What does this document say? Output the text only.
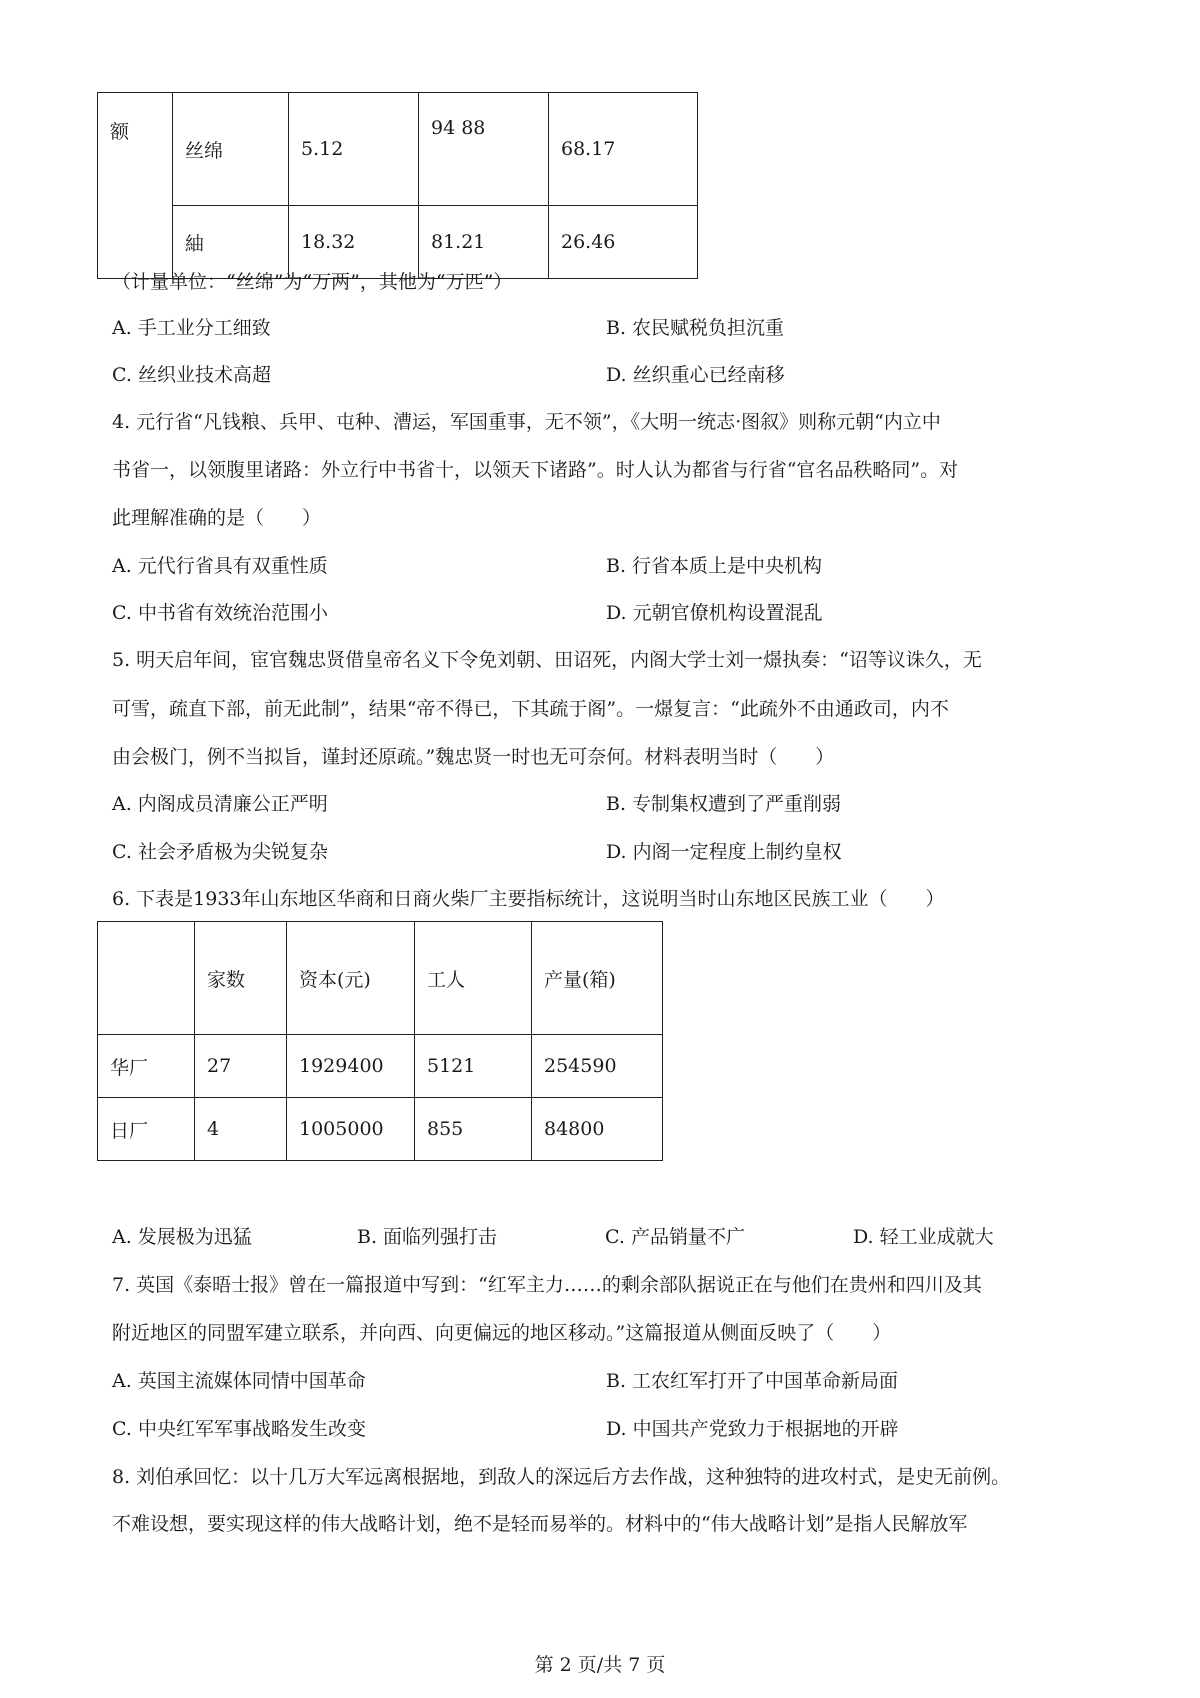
额	丝绵	5.12	94 88	68.17
	紬	18.32	81.21	26.46
（计量单位：“丝绵”为“万两”，其他为“万匹”）
A. 手工业分工细致	B. 农民赋税负担沉重
C. 丝织业技术高超	D. 丝织重心已经南移
4. 元行省“凡钱粮、兵甲、屯种、漕运，军国重事，无不领”，《大明一统志·图叙》则称元朝“内立中
书省一，以领腹里诸路：外立行中书省十，以领天下诸路”。时人认为都省与行省“官名品秩略同”。对
此理解准确的是（　　）
A. 元代行省具有双重性质	B. 行省本质上是中央机构
C. 中书省有效统治范围小	D. 元朝官僚机构设置混乱
5. 明天启年间，宦官魏忠贤借皇帝名义下令免刘朝、田诏死，内阁大学士刘一燝执奏：“诏等议诛久，无
可雪，疏直下部，前无此制”，结果“帝不得已，下其疏于阁”。一燝复言：“此疏外不由通政司，内不
由会极门，例不当拟旨，谨封还原疏。”魏忠贤一时也无可奈何。材料表明当时（　　）
A. 内阁成员清廉公正严明	B. 专制集权遭到了严重削弱
C. 社会矛盾极为尖锐复杂	D. 内阁一定程度上制约皇权
6. 下表是1933年山东地区华商和日商火柴厂主要指标统计，这说明当时山东地区民族工业（　　）
	家数	资本(元)	工人	产量(箱)
华厂	27	1929400	5121	254590
日厂	4	1005000	855	84800
A. 发展极为迅猛	B. 面临列强打击	C. 产品销量不广	D. 轻工业成就大
7. 英国《泰晤士报》曾在一篇报道中写到：“红军主力……的剩余部队据说正在与他们在贵州和四川及其
附近地区的同盟军建立联系，并向西、向更偏远的地区移动。”这篇报道从侧面反映了（　　）
A. 英国主流媒体同情中国革命	B. 工农红军打开了中国革命新局面
C. 中央红军军事战略发生改变	D. 中国共产党致力于根据地的开辟
8. 刘伯承回忆：以十几万大军远离根据地，到敌人的深远后方去作战，这种独特的进攻村式，是史无前例。
不难设想，要实现这样的伟大战略计划，绝不是轻而易举的。材料中的“伟大战略计划”是指人民解放军
第 2 页/共 7 页
